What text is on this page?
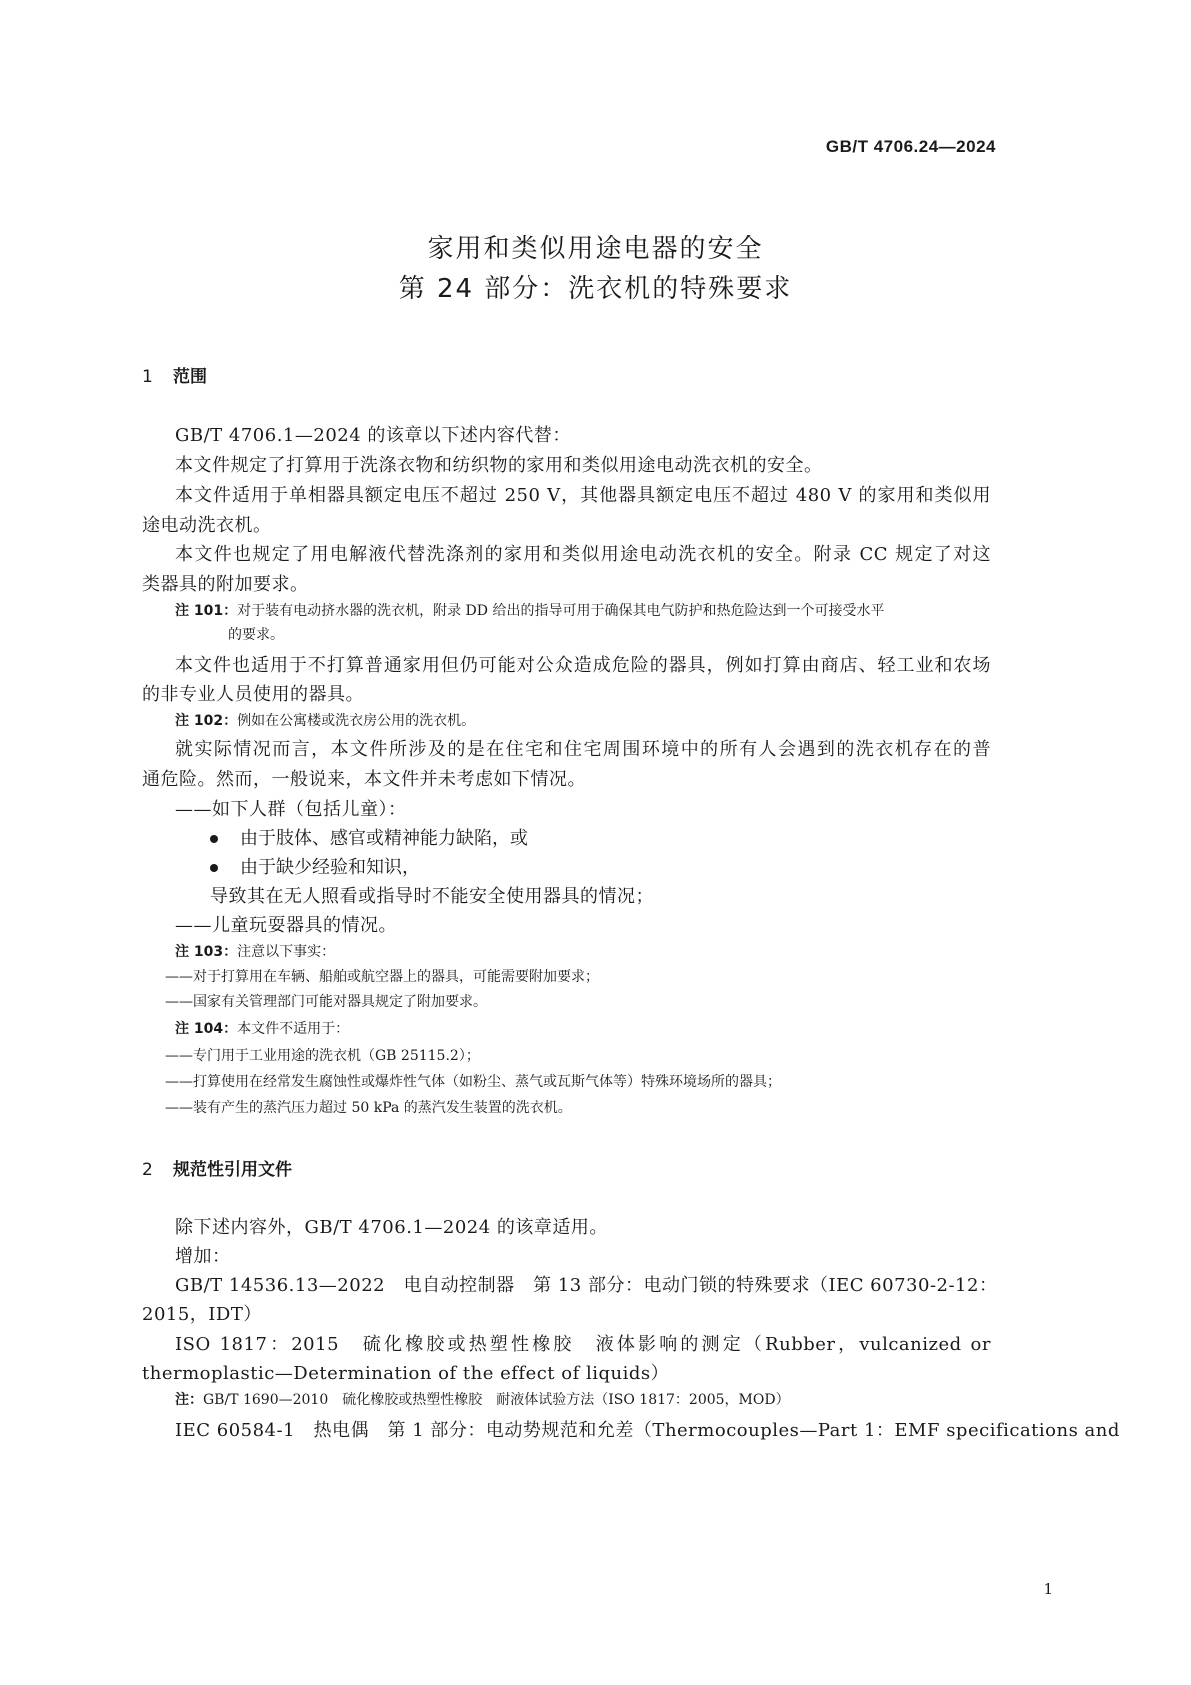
GB/T 4706.24—2024
家用和类似用途电器的安全
第 24 部分：洗衣机的特殊要求
1 范围
GB/T 4706.1—2024 的该章以下述内容代替：
本文件规定了打算用于洗涤衣物和纺织物的家用和类似用途电动洗衣机的安全。
本文件适用于单相器具额定电压不超过 250 V，其他器具额定电压不超过 480 V 的家用和类似用
途电动洗衣机。
本文件也规定了用电解液代替洗涤剂的家用和类似用途电动洗衣机的安全。附录 CC 规定了对这
类器具的附加要求。
注 101：对于装有电动挤水器的洗衣机，附录 DD 给出的指导可用于确保其电气防护和热危险达到一个可接受水平
的要求。
本文件也适用于不打算普通家用但仍可能对公众造成危险的器具，例如打算由商店、轻工业和农场
的非专业人员使用的器具。
注 102：例如在公寓楼或洗衣房公用的洗衣机。
就实际情况而言，本文件所涉及的是在住宅和住宅周围环境中的所有人会遇到的洗衣机存在的普
通危险。然而，一般说来，本文件并未考虑如下情况。
——如下人群（包括儿童）：
由于肢体、感官或精神能力缺陷，或
由于缺少经验和知识，
导致其在无人照看或指导时不能安全使用器具的情况；
——儿童玩耍器具的情况。
注 103：注意以下事实：
——对于打算用在车辆、船舶或航空器上的器具，可能需要附加要求；
——国家有关管理部门可能对器具规定了附加要求。
注 104：本文件不适用于：
——专门用于工业用途的洗衣机（GB 25115.2）；
——打算使用在经常发生腐蚀性或爆炸性气体（如粉尘、蒸气或瓦斯气体等）特殊环境场所的器具；
——装有产生的蒸汽压力超过 50 kPa 的蒸汽发生装置的洗衣机。
2 规范性引用文件
除下述内容外，GB/T 4706.1—2024 的该章适用。
增加：
GB/T 14536.13—2022　电自动控制器　第 13 部分：电动门锁的特殊要求（IEC 60730-2-12：
2015，IDT）
ISO 1817：2015　硫化橡胶或热塑性橡胶　液体影响的测定（Rubber，vulcanized or
thermoplastic—Determination of the effect of liquids）
注：GB/T 1690—2010　硫化橡胶或热塑性橡胶　耐液体试验方法（ISO 1817：2005，MOD）
IEC 60584-1　热电偶　第 1 部分：电动势规范和允差（Thermocouples—Part 1：EMF specifications and
1
